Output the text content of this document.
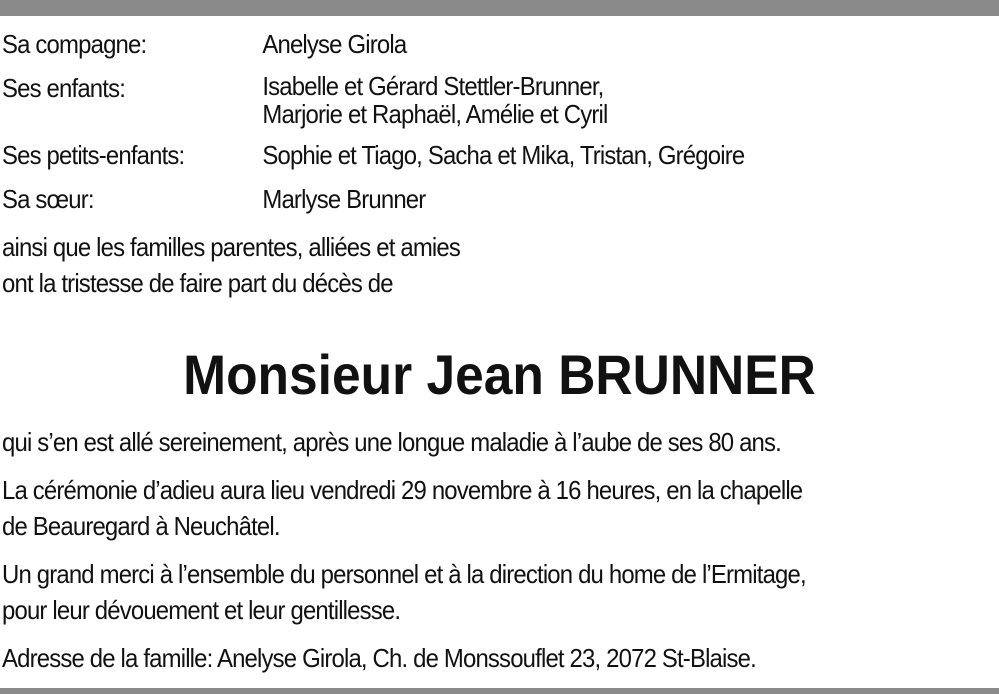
Sa compagne:	Anelyse Girola
Ses enfants:	Isabelle et Gérard Stettler-Brunner,
Marjorie et Raphaël, Amélie et Cyril
Ses petits-enfants:	Sophie et Tiago, Sacha et Mika, Tristan, Grégoire
Sa sœur:	Marlyse Brunner
ainsi que les familles parentes, alliées et amies
ont la tristesse de faire part du décès de
Monsieur Jean BRUNNER
qui s’en est allé sereinement, après une longue maladie à l’aube de ses 80 ans.
La cérémonie d’adieu aura lieu vendredi 29 novembre à 16 heures, en la chapelle
de Beauregard à Neuchâtel.
Un grand merci à l’ensemble du personnel et à la direction du home de l’Ermitage,
pour leur dévouement et leur gentillesse.
Adresse de la famille: Anelyse Girola, Ch. de Monssouflet 23, 2072 St-Blaise.
